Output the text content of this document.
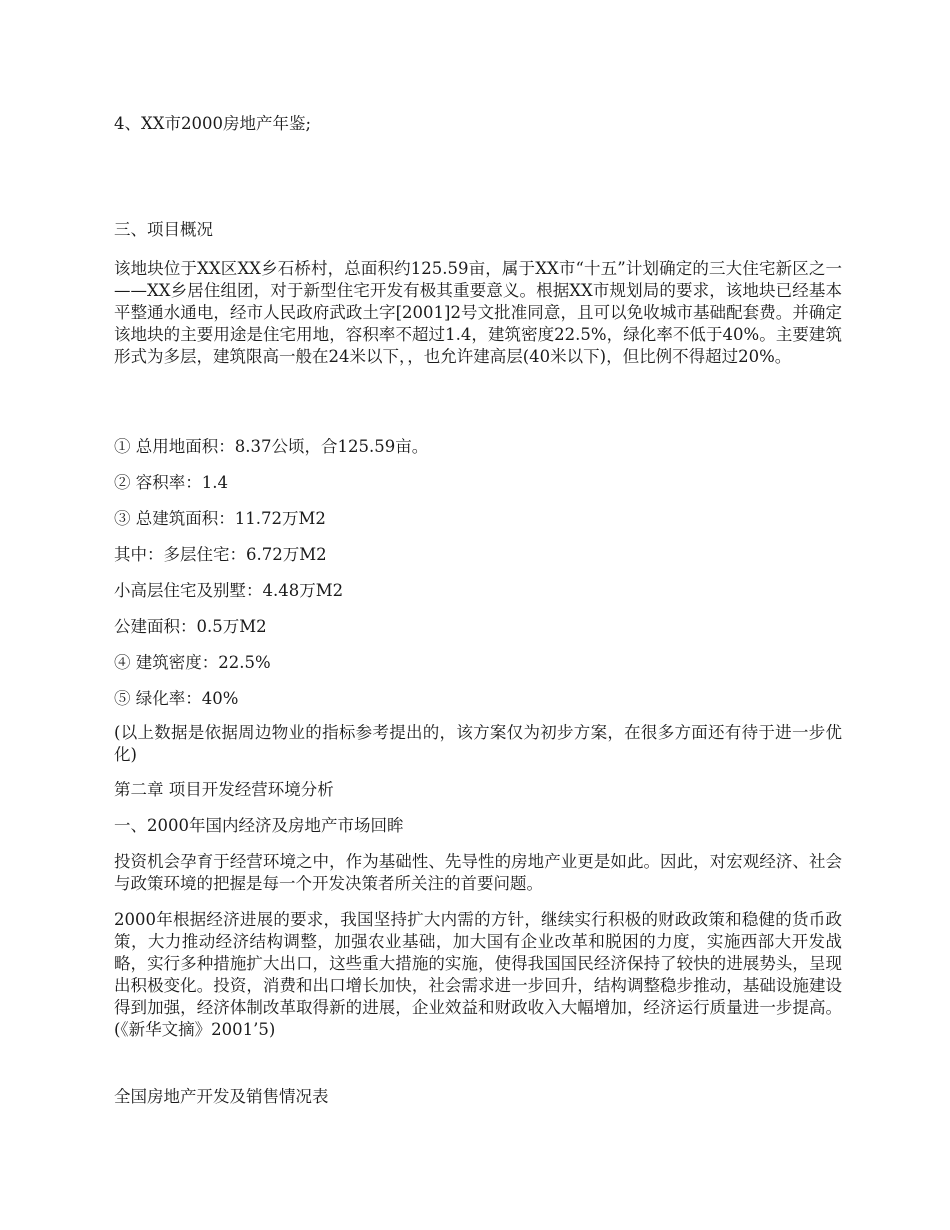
4、XX市2000房地产年鉴;

三、项目概况

该地块位于XX区XX乡石桥村，总面积约125.59亩，属于XX市“十五”计划确定的三大住宅新区之一——XX乡居住组团，对于新型住宅开发有极其重要意义。根据XX市规划局的要求，该地块已经基本平整通水通电，经市人民政府武政土字[2001]2号文批准同意，且可以免收城市基础配套费。并确定该地块的主要用途是住宅用地，容积率不超过1.4，建筑密度22.5%，绿化率不低于40%。主要建筑形式为多层，建筑限高一般在24米以下，，也允许建高层(40米以下)，但比例不得超过20%。

① 总用地面积：8.37公顷，合125.59亩。

② 容积率：1.4

③ 总建筑面积：11.72万M2

其中：多层住宅：6.72万M2

小高层住宅及别墅：4.48万M2

公建面积：0.5万M2

④ 建筑密度：22.5%

⑤ 绿化率：40%

(以上数据是依据周边物业的指标参考提出的，该方案仅为初步方案，在很多方面还有待于进一步优化)

第二章 项目开发经营环境分析

一、2000年国内经济及房地产市场回眸

投资机会孕育于经营环境之中，作为基础性、先导性的房地产业更是如此。因此，对宏观经济、社会与政策环境的把握是每一个开发决策者所关注的首要问题。

2000年根据经济进展的要求，我国坚持扩大内需的方针，继续实行积极的财政政策和稳健的货币政策，大力推动经济结构调整，加强农业基础，加大国有企业改革和脱困的力度，实施西部大开发战略，实行多种措施扩大出口，这些重大措施的实施，使得我国国民经济保持了较快的进展势头，呈现出积极变化。投资，消费和出口增长加快，社会需求进一步回升，结构调整稳步推动，基础设施建设得到加强，经济体制改革取得新的进展，企业效益和财政收入大幅增加，经济运行质量进一步提高。(《新华文摘》2001’5)

全国房地产开发及销售情况表
